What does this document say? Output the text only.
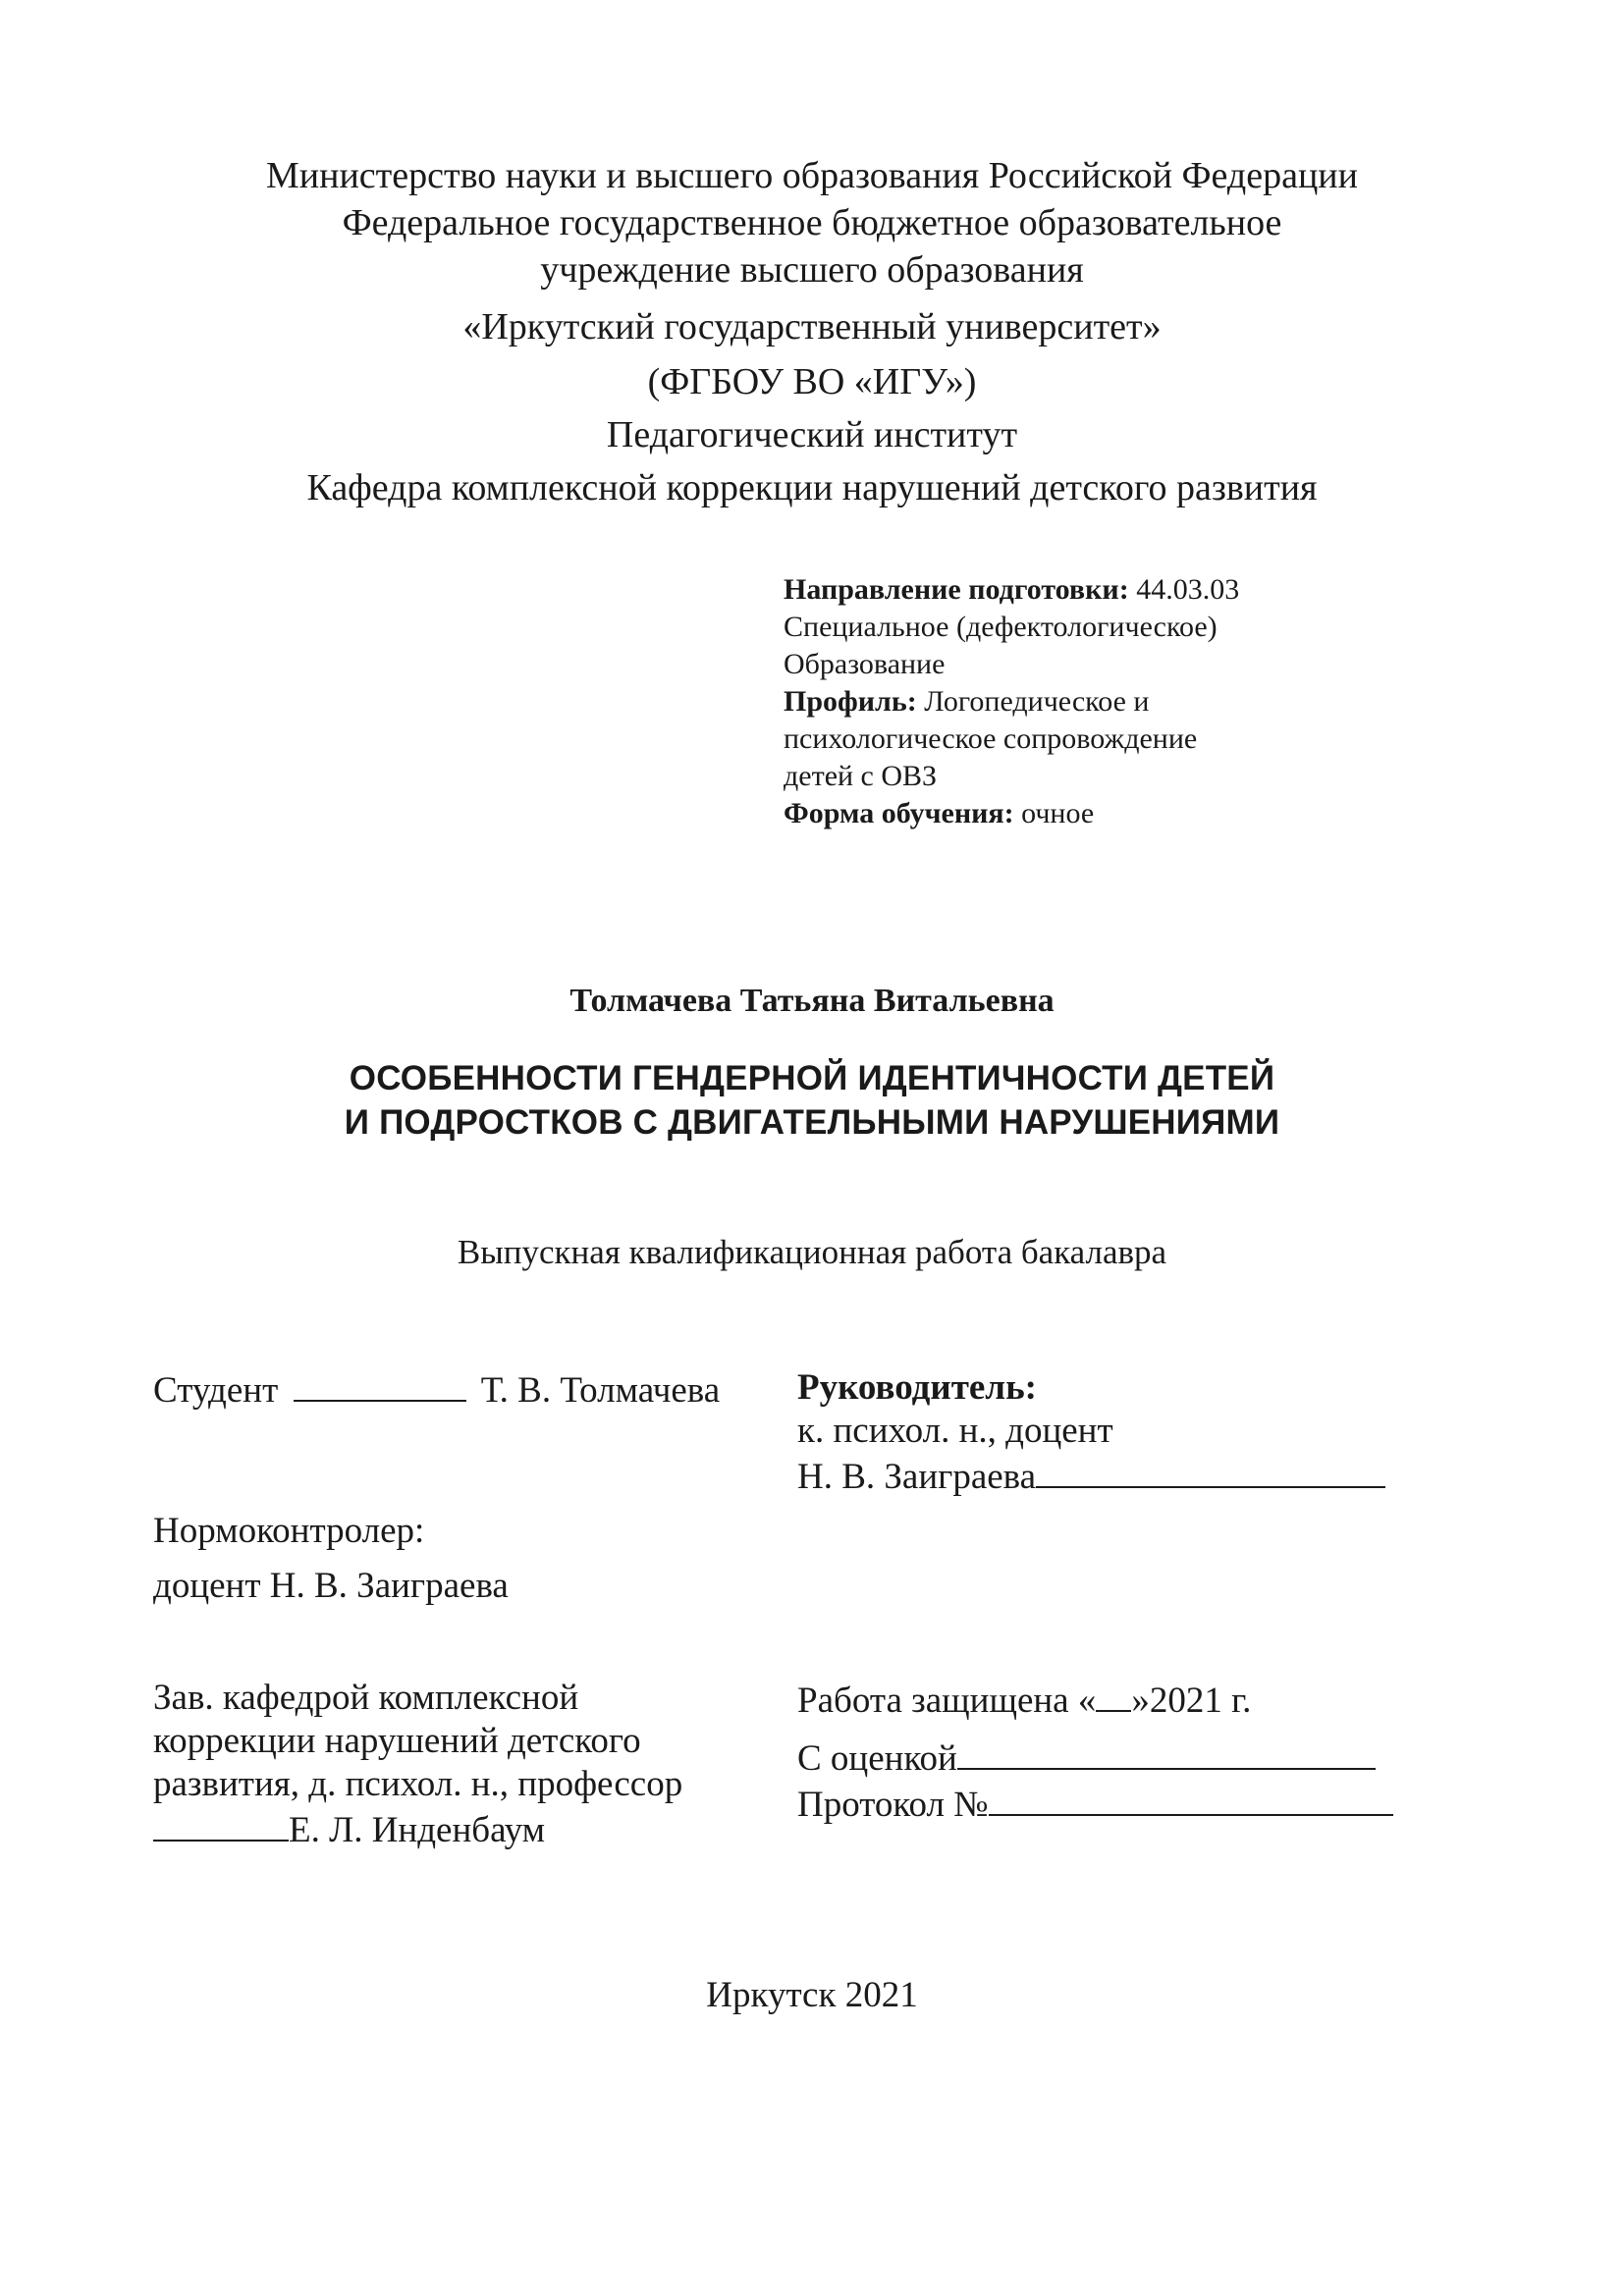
Министерство науки и высшего образования Российской Федерации
Федеральное государственное бюджетное образовательное
учреждение высшего образования
«Иркутский государственный университет»
(ФГБОУ ВО «ИГУ»)
Педагогический институт
Кафедра комплексной коррекции нарушений детского развития
Направление подготовки: 44.03.03
Специальное (дефектологическое)
Образование
Профиль: Логопедическое и
психологическое сопровождение
детей с ОВЗ
Форма обучения: очное
Толмачева Татьяна Витальевна
ОСОБЕННОСТИ ГЕНДЕРНОЙ ИДЕНТИЧНОСТИ ДЕТЕЙ
И ПОДРОСТКОВ С ДВИГАТЕЛЬНЫМИ НАРУШЕНИЯМИ
Выпускная квалификационная работа бакалавра
Студент	Т. В. Толмачева Руководитель:
к. психол. н., доцент
Н. В. Заиграева
Нормоконтролер:
доцент Н. В. Заиграева
Зав. кафедрой комплексной
коррекции нарушений детского
развития, д. психол. н., профессор
Е. Л. Инденбаум
Работа защищена « »2021 г.
С оценкой
Протокол №
Иркутск 2021
